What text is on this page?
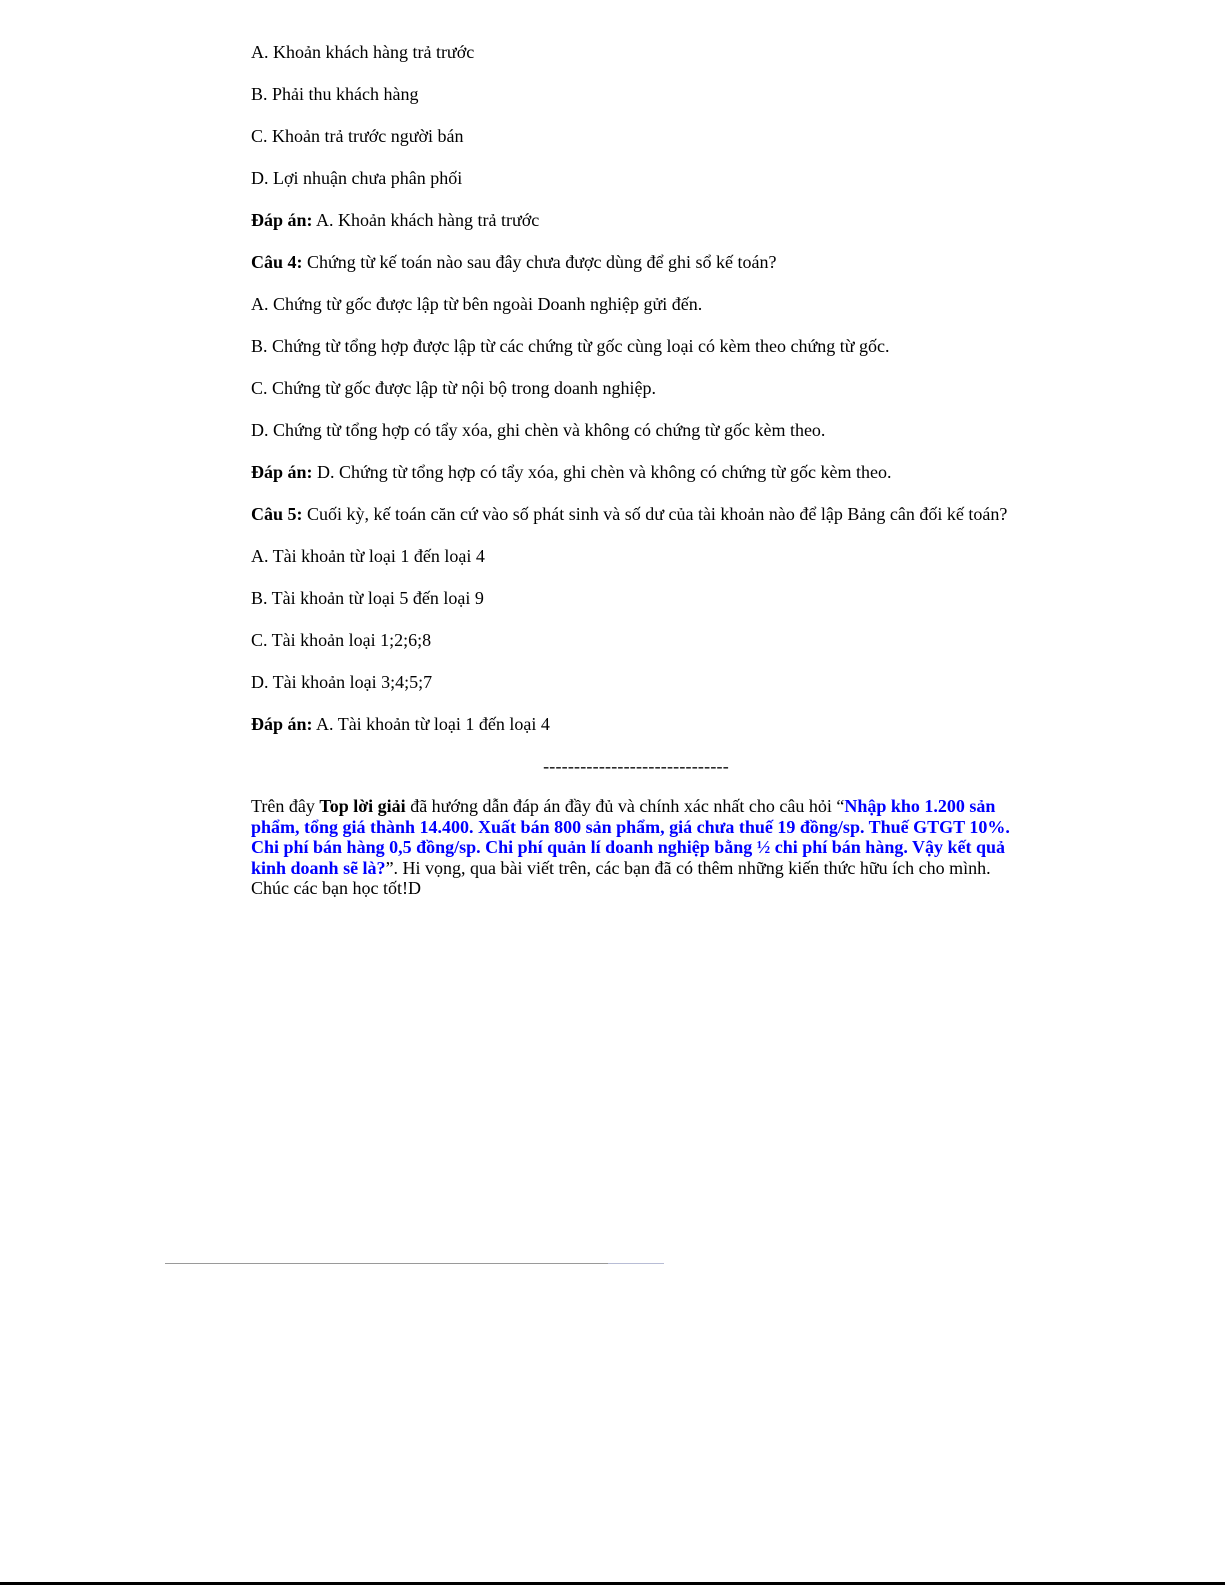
A. Khoản khách hàng trả trước

B. Phải thu khách hàng

C. Khoản trả trước người bán

D. Lợi nhuận chưa phân phối

Đáp án: A. Khoản khách hàng trả trước

Câu 4: Chứng từ kế toán nào sau đây chưa được dùng để ghi sổ kế toán?

A. Chứng từ gốc được lập từ bên ngoài Doanh nghiệp gửi đến.

B. Chứng từ tổng hợp được lập từ các chứng từ gốc cùng loại có kèm theo chứng từ gốc.

C. Chứng từ gốc được lập từ nội bộ trong doanh nghiệp.

D. Chứng từ tổng hợp có tẩy xóa, ghi chèn và không có chứng từ gốc kèm theo.

Đáp án: D. Chứng từ tổng hợp có tẩy xóa, ghi chèn và không có chứng từ gốc kèm theo.

Câu 5: Cuối kỳ, kế toán căn cứ vào số phát sinh và số dư của tài khoản nào để lập Bảng cân đối kế toán?

A. Tài khoản từ loại 1 đến loại 4

B. Tài khoản từ loại 5 đến loại 9

C. Tài khoản loại 1;2;6;8

D. Tài khoản loại 3;4;5;7

Đáp án: A. Tài khoản từ loại 1 đến loại 4

------------------------------

Trên đây Top lời giải đã hướng dẫn đáp án đầy đủ và chính xác nhất cho câu hỏi “Nhập kho 1.200 sản phẩm, tổng giá thành 14.400. Xuất bán 800 sản phẩm, giá chưa thuế 19 đồng/sp. Thuế GTGT 10%. Chi phí bán hàng 0,5 đồng/sp. Chi phí quản lí doanh nghiệp bằng ½ chi phí bán hàng. Vậy kết quả kinh doanh sẽ là?”. Hi vọng, qua bài viết trên, các bạn đã có thêm những kiến thức hữu ích cho mình. Chúc các bạn học tốt!D
